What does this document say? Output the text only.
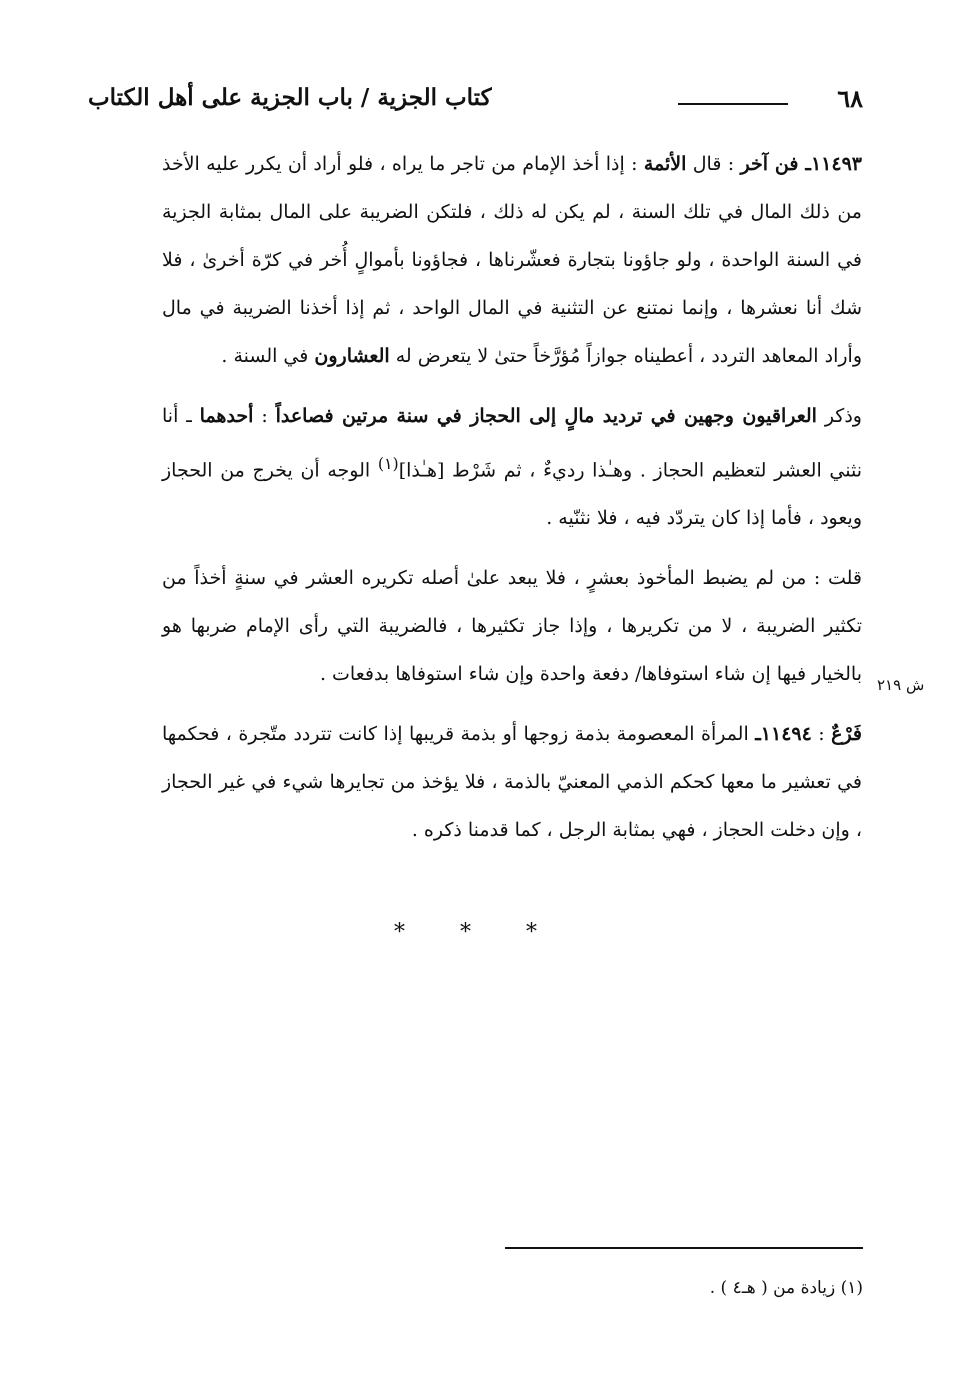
٦٨
كتاب الجزية / باب الجزية على أهل الكتاب

١١٤٩٣ـ فن آخر : قال الأئمة : إذا أخذ الإمام من تاجر ما يراه ، فلو أراد أن يكرر عليه الأخذ من ذلك المال في تلك السنة ، لم يكن له ذلك ، فلتكن الضريبة على المال بمثابة الجزية في السنة الواحدة ، ولو جاؤونا بتجارة فعشّرناها ، فجاؤونا بأموالٍ أُخر في كرّة أخرىٰ ، فلا شك أنا نعشرها ، وإنما نمتنع عن التثنية في المال الواحد ، ثم إذا أخذنا الضريبة في مال وأراد المعاهد التردد ، أعطيناه جوازاً مُؤرَّخاً حتىٰ لا يتعرض له العشارون في السنة .

وذكر العراقيون وجهين في ترديد مالٍ إلى الحجاز في سنة مرتين فصاعداً : أحدهما ـ أنا نثني العشر لتعظيم الحجاز . وهـٰذا رديءٌ ، ثم شَرْط [هـٰذا]$^{(١)}$ الوجه أن يخرج من الحجاز ويعود ، فأما إذا كان يتردّد فيه ، فلا نثنّيه .

قلت : من لم يضبط المأخوذ بعشرٍ ، فلا يبعد علىٰ أصله تكريره العشر في سنةٍ أخذاً من تكثير الضريبة ، لا من تكريرها ، وإذا جاز تكثيرها ، فالضريبة التي رأى الإمام ضربها هو بالخيار فيها إن شاء استوفاها/ دفعة واحدة وإن شاء استوفاها بدفعات .

فَرْعٌ : ١١٤٩٤ـ المرأة المعصومة بذمة زوجها أو بذمة قريبها إذا كانت تتردد متّجرة ، فحكمها في تعشير ما معها كحكم الذمي المعنيّ بالذمة ، فلا يؤخذ من تجايرها شيء في غير الحجاز ، وإن دخلت الحجاز ، فهي بمثابة الرجل ، كما قدمنا ذكره .

ش ٢١٩
* * *
(١) زيادة من ( هـ٤ ) .
